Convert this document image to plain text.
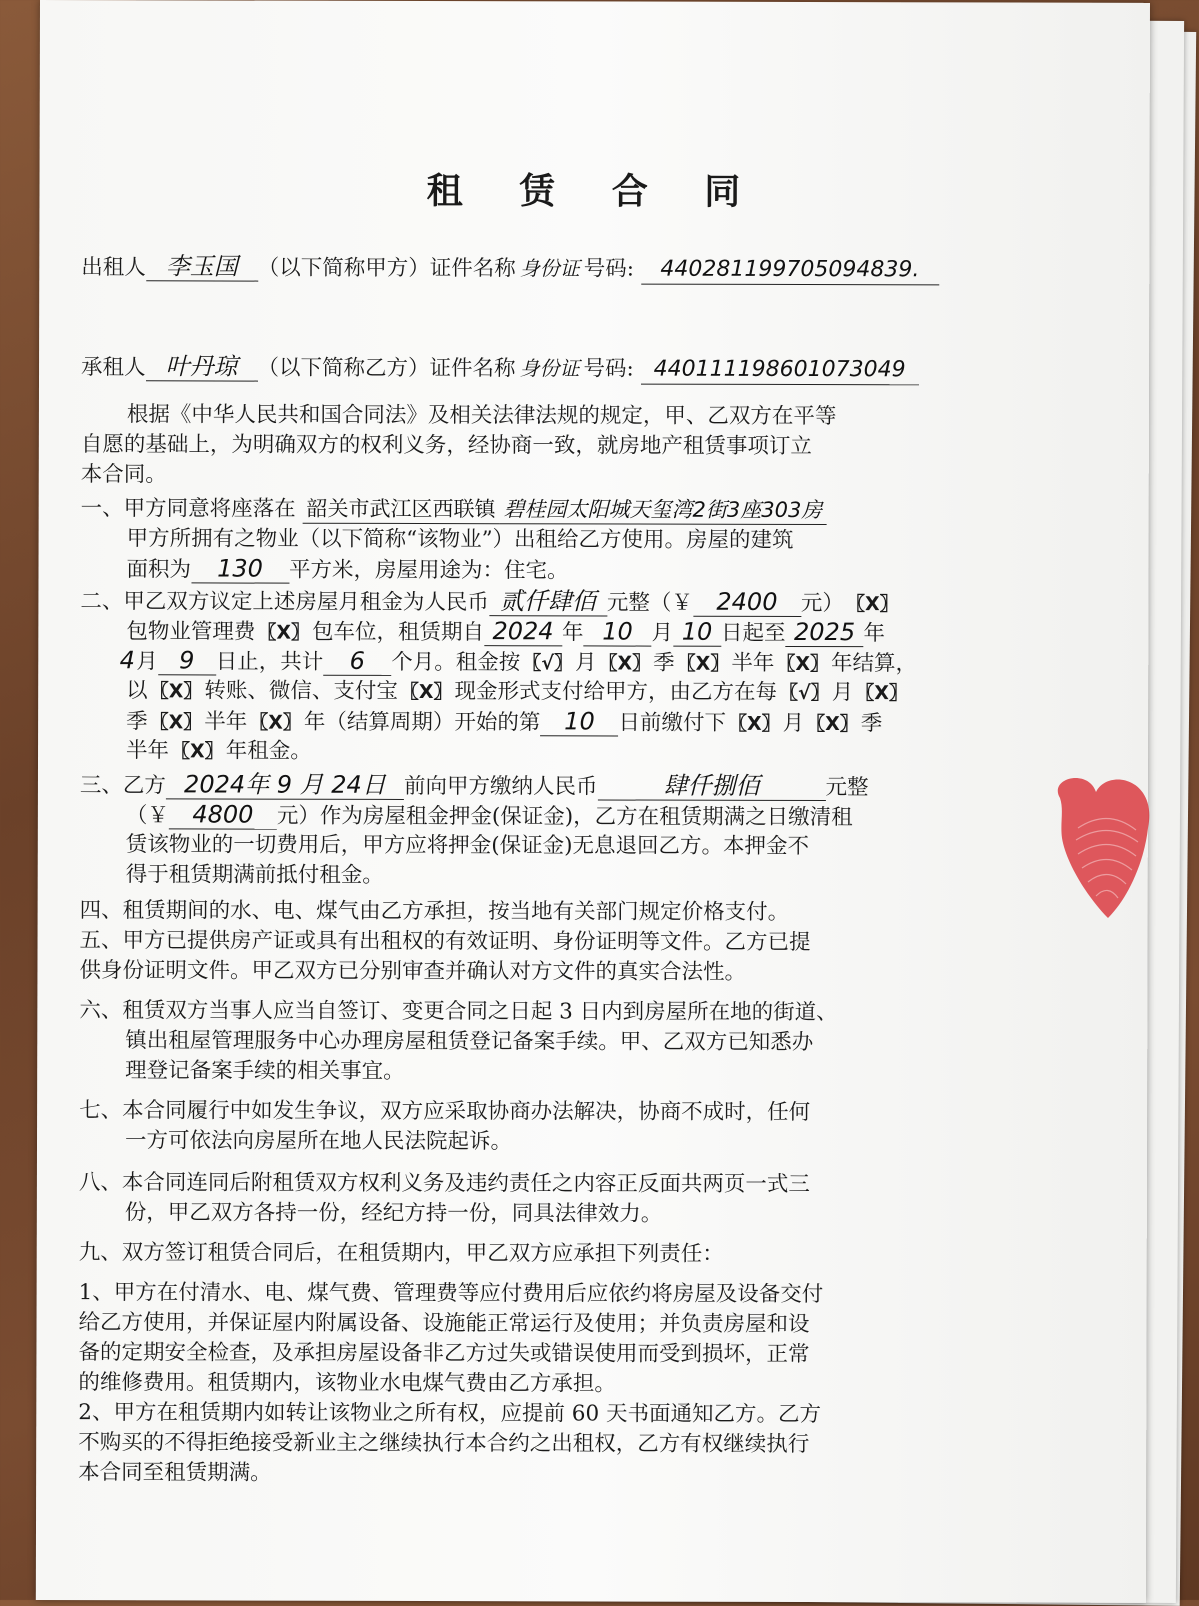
租 赁 合 同
出租人 李玉国 （以下简称甲方）证件名称 身份证 号码: 440281199705094839.
承租人 叶丹琼 （以下简称乙方）证件名称 身份证 号码: 440111198601073049
根据《中华人民共和国合同法》及相关法律法规的规定，甲、乙双方在平等
自愿的基础上，为明确双方的权利义务，经协商一致，就房地产租赁事项订立
本合同。
一、甲方同意将座落在 韶关市武江区西联镇 碧桂园太阳城天玺湾2街3座303房
甲方所拥有之物业（以下简称“该物业”）出租给乙方使用。房屋的建筑
面积为 130 平方米，房屋用途为：住宅。
二、甲乙双方议定上述房屋月租金为人民币 贰仟肆佰 元整（￥ 2400 元） 〖X〗
包物业管理费 〖X〗包车位，租赁期自 2024 年 10 月 10 日起至 2025 年
4月 9 日止，共计 6 个月。租金按 〖√〗月 〖X〗季 〖X〗半年 〖X〗年结算，
以 〖X〗转账、微信、支付宝 〖X〗现金形式支付给甲方，由乙方在每 〖√〗月 〖X〗
季 〖X〗半年 〖X〗年（结算周期）开始的第 10 日前缴付下 〖X〗月 〖X〗季
半年 〖X〗年租金。
三、乙方 2024年 9 月 24日 前向甲方缴纳人民币	肆仟捌佰	元整
（￥ 4800 元）作为房屋租金押金(保证金)，乙方在租赁期满之日缴清租
赁该物业的一切费用后，甲方应将押金(保证金)无息退回乙方。本押金不
得于租赁期满前抵付租金。
四、租赁期间的水、电、煤气由乙方承担，按当地有关部门规定价格支付。
五、甲方已提供房产证或具有出租权的有效证明、身份证明等文件。乙方已提
供身份证明文件。甲乙双方已分别审查并确认对方文件的真实合法性。
六、租赁双方当事人应当自签订、变更合同之日起 3 日内到房屋所在地的街道、
镇出租屋管理服务中心办理房屋租赁登记备案手续。甲、乙双方已知悉办
理登记备案手续的相关事宜。
七、本合同履行中如发生争议，双方应采取协商办法解决，协商不成时，任何
一方可依法向房屋所在地人民法院起诉。
八、本合同连同后附租赁双方权利义务及违约责任之内容正反面共两页一式三
份，甲乙双方各持一份，经纪方持一份，同具法律效力。
九、双方签订租赁合同后，在租赁期内，甲乙双方应承担下列责任：
1、甲方在付清水、电、煤气费、管理费等应付费用后应依约将房屋及设备交付
给乙方使用，并保证屋内附属设备、设施能正常运行及使用；并负责房屋和设
备的定期安全检查，及承担房屋设备非乙方过失或错误使用而受到损坏，正常
的维修费用。租赁期内，该物业水电煤气费由乙方承担。
2、甲方在租赁期内如转让该物业之所有权，应提前 60 天书面通知乙方。乙方
不购买的不得拒绝接受新业主之继续执行本合约之出租权，乙方有权继续执行
本合同至租赁期满。
